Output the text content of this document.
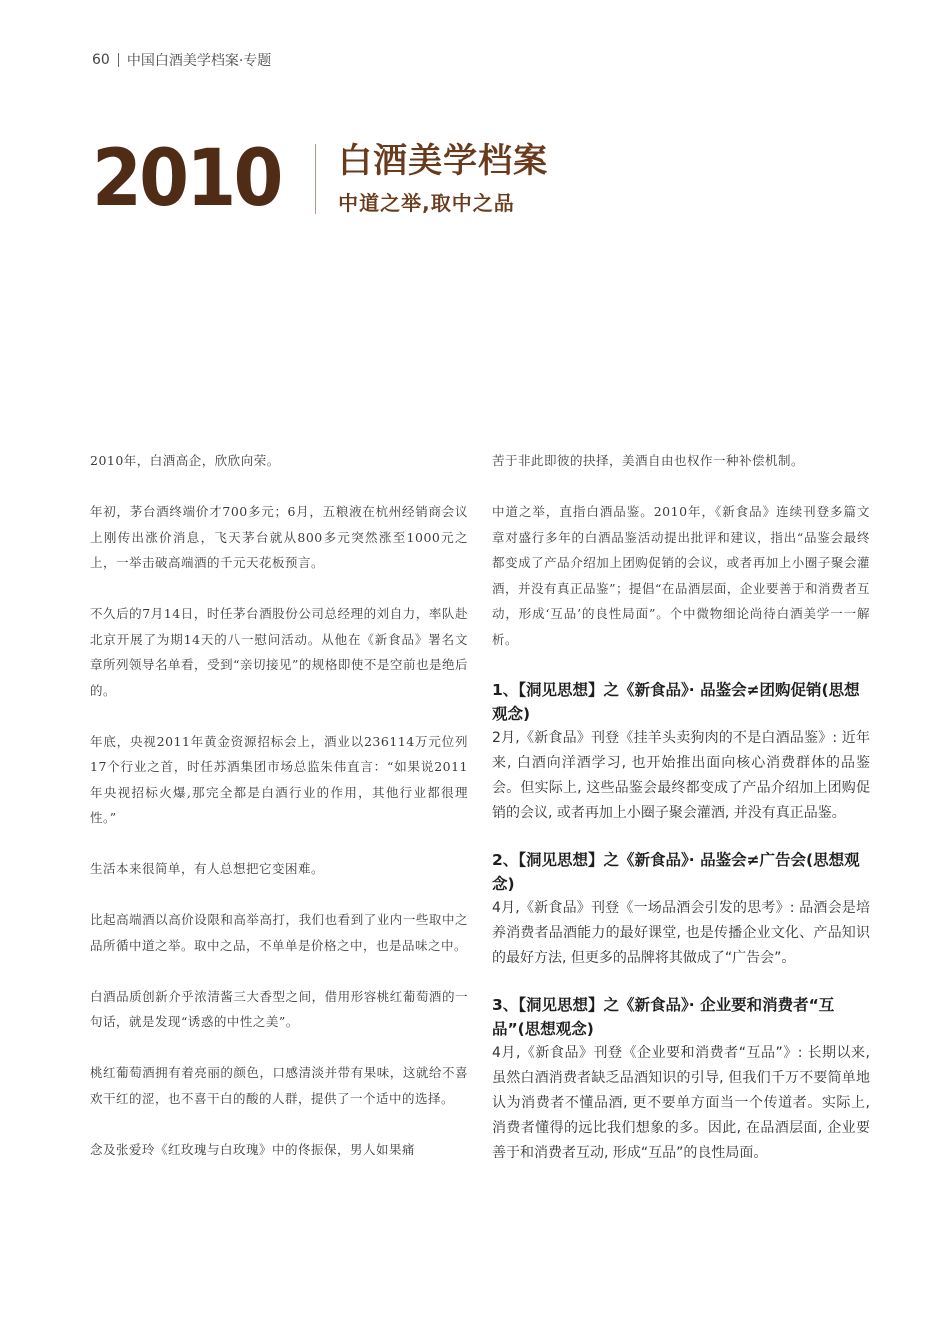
60 中国白酒美学档案·专题
2010 白酒美学档案
中道之举,取中之品

2010年，白酒高企，欣欣向荣。

年初，茅台酒终端价才700多元；6月，五粮液在杭州经销商会议上刚传出涨价消息，飞天茅台就从800多元突然涨至1000元之上，一举击破高端酒的千元天花板预言。

不久后的7月14日，时任茅台酒股份公司总经理的刘自力，率队赴北京开展了为期14天的八一慰问活动。从他在《新食品》署名文章所列领导名单看，受到“亲切接见”的规格即使不是空前也是绝后的。

年底，央视2011年黄金资源招标会上，酒业以236114万元位列17个行业之首，时任苏酒集团市场总监朱伟直言：“如果说2011年央视招标火爆,那完全都是白酒行业的作用，其他行业都很理性。”

生活本来很简单，有人总想把它变困难。

比起高端酒以高价设限和高举高打，我们也看到了业内一些取中之品所循中道之举。取中之品，不单单是价格之中，也是品味之中。

白酒品质创新介乎浓清酱三大香型之间，借用形容桃红葡萄酒的一句话，就是发现“诱惑的中性之美”。

桃红葡萄酒拥有着亮丽的颜色，口感清淡并带有果味，这就给不喜欢干红的涩，也不喜干白的酸的人群，提供了一个适中的选择。

念及张爱玲《红玫瑰与白玫瑰》中的佟振保，男人如果痛

苦于非此即彼的抉择，美酒自由也权作一种补偿机制。

中道之举，直指白酒品鉴。2010年，《新食品》连续刊登多篇文章对盛行多年的白酒品鉴活动提出批评和建议，指出“品鉴会最终都变成了产品介绍加上团购促销的会议，或者再加上小圈子聚会灌酒，并没有真正品鉴”；提倡“在品酒层面，企业要善于和消费者互动，形成‘互品’的良性局面”。个中微物细论尚待白酒美学一一解析。

1、【洞见思想】之《新食品》· 品鉴会≠团购促销(思想观念)

2月,《新食品》刊登《挂羊头卖狗肉的不是白酒品鉴》: 近年来, 白酒向洋酒学习, 也开始推出面向核心消费群体的品鉴会。但实际上, 这些品鉴会最终都变成了产品介绍加上团购促销的会议, 或者再加上小圈子聚会灌酒, 并没有真正品鉴。

2、【洞见思想】之《新食品》· 品鉴会≠广告会(思想观念)

4月,《新食品》刊登《一场品酒会引发的思考》: 品酒会是培养消费者品酒能力的最好课堂, 也是传播企业文化、产品知识的最好方法, 但更多的品牌将其做成了“广告会”。

3、【洞见思想】之《新食品》· 企业要和消费者“互品”(思想观念)

4月,《新食品》刊登《企业要和消费者“互品”》: 长期以来, 虽然白酒消费者缺乏品酒知识的引导, 但我们千万不要简单地认为消费者不懂品酒, 更不要单方面当一个传道者。实际上, 消费者懂得的远比我们想象的多。因此, 在品酒层面, 企业要善于和消费者互动, 形成“互品”的良性局面。
